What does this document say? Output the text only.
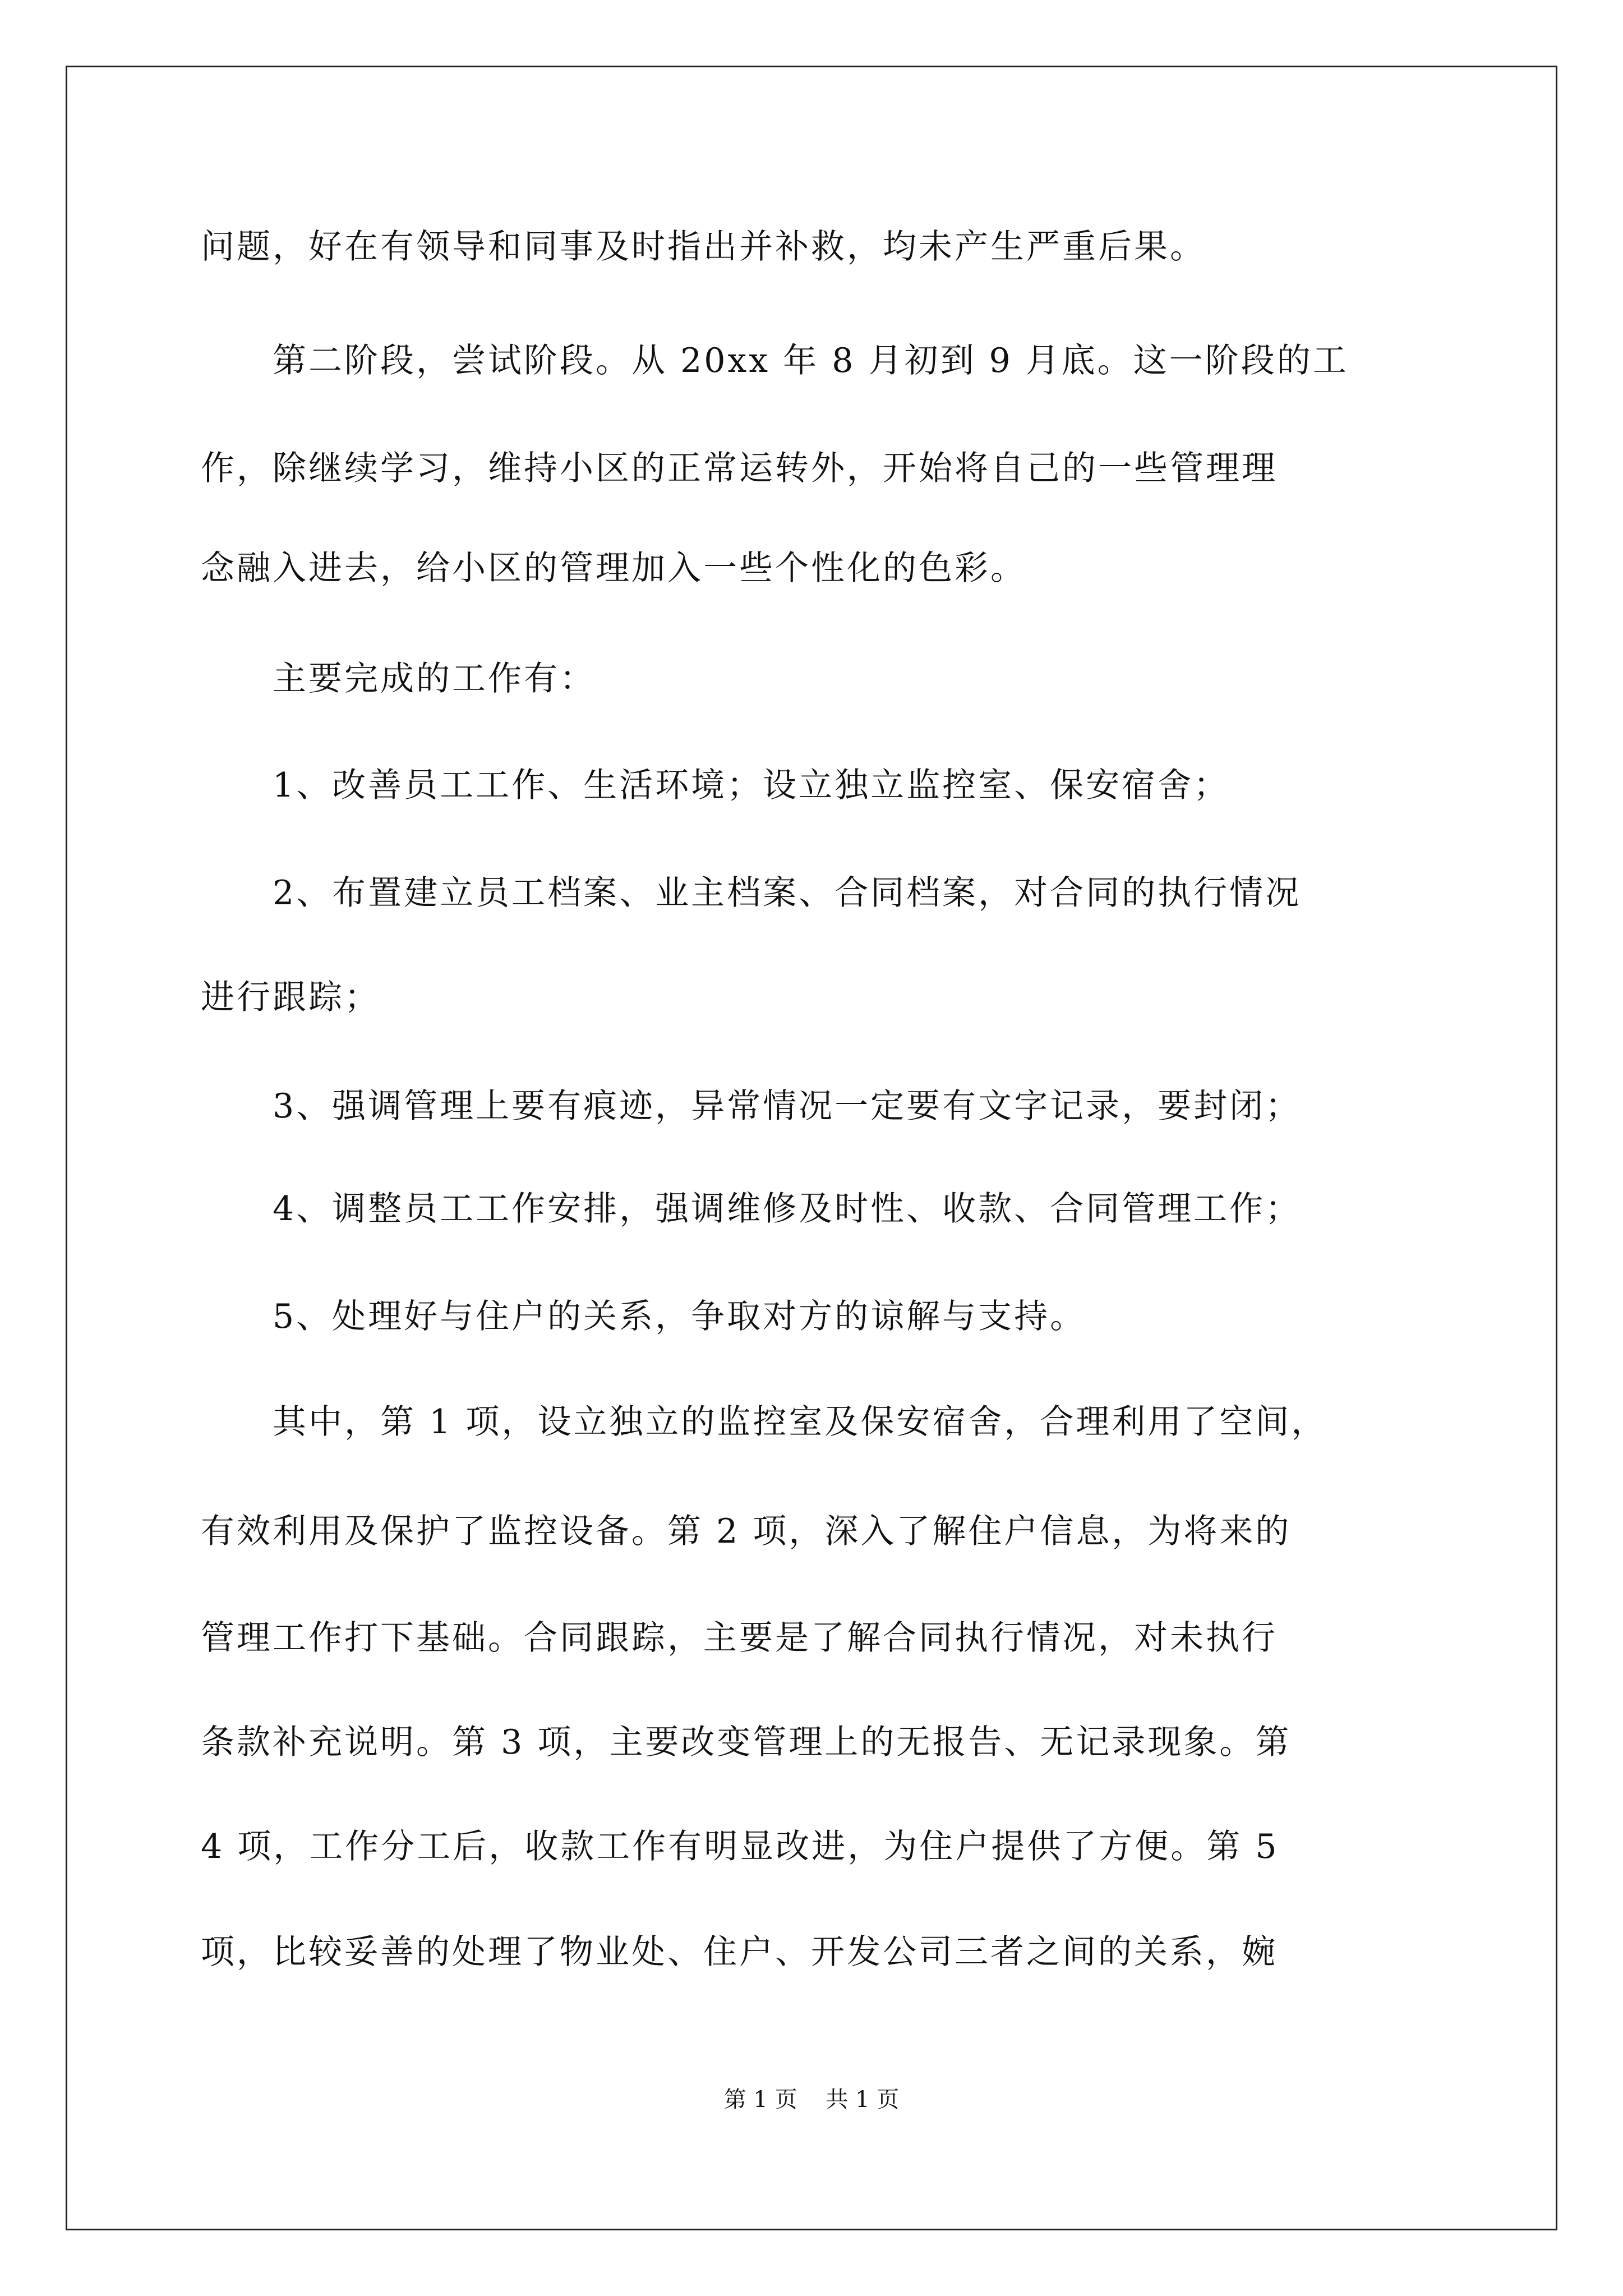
问题，好在有领导和同事及时指出并补救，均未产生严重后果。
　　第二阶段，尝试阶段。从 20xx 年 8 月初到 9 月底。这一阶段的工
作，除继续学习，维持小区的正常运转外，开始将自己的一些管理理
念融入进去，给小区的管理加入一些个性化的色彩。
　　主要完成的工作有：
　　1、改善员工工作、生活环境；设立独立监控室、保安宿舍；
　　2、布置建立员工档案、业主档案、合同档案，对合同的执行情况
进行跟踪；
　　3、强调管理上要有痕迹，异常情况一定要有文字记录，要封闭；
　　4、调整员工工作安排，强调维修及时性、收款、合同管理工作；
　　5、处理好与住户的关系，争取对方的谅解与支持。
　　其中，第 1 项，设立独立的监控室及保安宿舍，合理利用了空间，
有效利用及保护了监控设备。第 2 项，深入了解住户信息，为将来的
管理工作打下基础。合同跟踪，主要是了解合同执行情况，对未执行
条款补充说明。第 3 项，主要改变管理上的无报告、无记录现象。第
4 项，工作分工后，收款工作有明显改进，为住户提供了方便。第 5
项，比较妥善的处理了物业处、住户、开发公司三者之间的关系，婉
第 1 页    共 1 页
